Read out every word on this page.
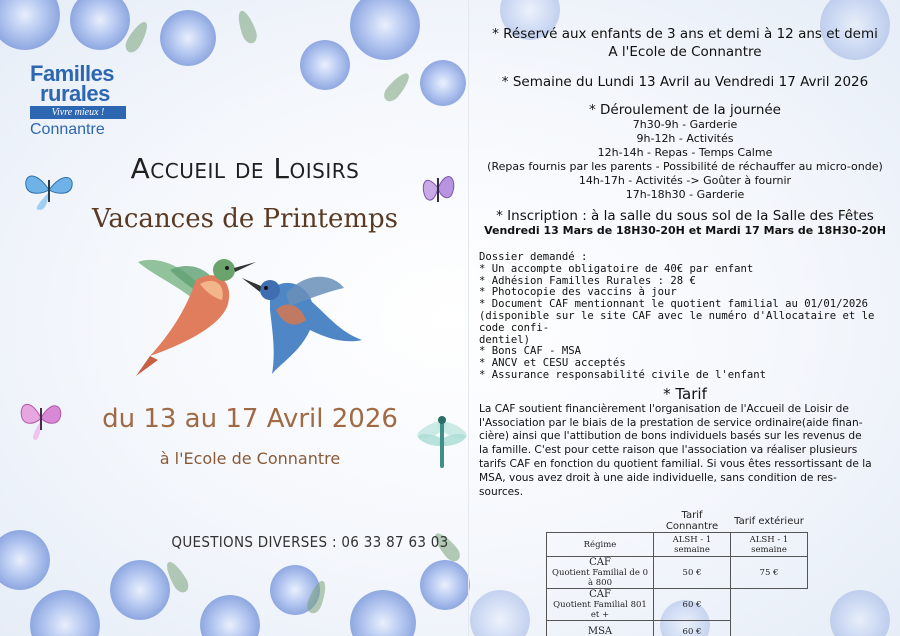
Familles
rurales
Vivre mieux !
Connantre
Accueil de Loisirs
Vacances de Printemps
du 13 au 17 Avril 2026
à l'Ecole de Connantre
QUESTIONS DIVERSES : 06 33 87 63 03
* Réservé aux enfants de 3 ans et demi à 12 ans et demi
A l'Ecole de Connantre
* Semaine du Lundi 13 Avril au Vendredi 17 Avril 2026
* Déroulement de la journée
7h30-9h - Garderie
9h-12h - Activités
12h-14h - Repas - Temps Calme
(Repas fournis par les parents - Possibilité de réchauffer au micro-onde)
14h-17h - Activités -> Goûter à fournir
17h-18h30 - Garderie
* Inscription : à la salle du sous sol de la Salle des Fêtes
Vendredi 13 Mars de 18H30-20H et Mardi 17 Mars de 18H30-20H
Dossier demandé :
* Un accompte obligatoire de 40€ par enfant
* Adhésion Familles Rurales : 28 €
* Photocopie des vaccins à jour
* Document CAF mentionnant le quotient familial au 01/01/2026
(disponible sur le site CAF avec le numéro d'Allocataire et le code confi-
dentiel)
* Bons CAF - MSA
* ANCV et CESU acceptés
* Assurance responsabilité civile de l'enfant
* Tarif
La CAF soutient financièrement l'organisation de l'Accueil de Loisir de
l'Association par le biais de la prestation de service ordinaire(aide finan-
cière) ainsi que l'attibution de bons individuels basés sur les revenus de
la famille. C'est pour cette raison que l'association va réaliser plusieurs
tarifs CAF en fonction du quotient familial. Si vous êtes ressortissant de la
MSA, vous avez droit à une aide individuelle, sans condition de res-
sources.
	Tarif Connantre	Tarif extérieur
Régime	ALSH - 1 semaine	ALSH - 1 semaine

CAF
Quotient Familial de 0 à 800	50 €	75 €

CAF
Quotient Familial 801 et +	60 €	

MSA	60 €	
